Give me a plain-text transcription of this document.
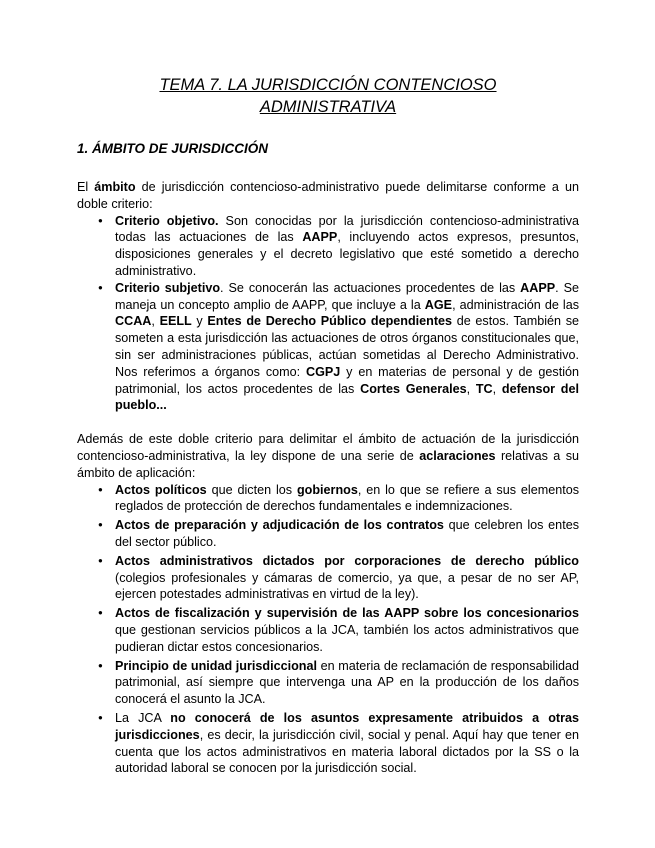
TEMA 7. LA JURISDICCIÓN CONTENCIOSO
ADMINISTRATIVA
1. ÁMBITO DE JURISDICCIÓN

El ámbito de jurisdicción contencioso-administrativo puede delimitarse conforme a un doble criterio:

● Criterio objetivo. Son conocidas por la jurisdicción contencioso-administrativa todas las actuaciones de las AAPP, incluyendo actos expresos, presuntos, disposiciones generales y el decreto legislativo que esté sometido a derecho administrativo.
● Criterio subjetivo. Se conocerán las actuaciones procedentes de las AAPP. Se maneja un concepto amplio de AAPP, que incluye a la AGE, administración de las CCAA, EELL y Entes de Derecho Público dependientes de estos. También se someten a esta jurisdicción las actuaciones de otros órganos constitucionales que, sin ser administraciones públicas, actúan sometidas al Derecho Administrativo. Nos referimos a órganos como: CGPJ y en materias de personal y de gestión patrimonial, los actos procedentes de las Cortes Generales, TC, defensor del pueblo...

Además de este doble criterio para delimitar el ámbito de actuación de la jurisdicción contencioso-administrativa, la ley dispone de una serie de aclaraciones relativas a su ámbito de aplicación:

● Actos políticos que dicten los gobiernos, en lo que se refiere a sus elementos reglados de protección de derechos fundamentales e indemnizaciones.
● Actos de preparación y adjudicación de los contratos que celebren los entes del sector público.
● Actos administrativos dictados por corporaciones de derecho público (colegios profesionales y cámaras de comercio, ya que, a pesar de no ser AP, ejercen potestades administrativas en virtud de la ley).
● Actos de fiscalización y supervisión de las AAPP sobre los concesionarios que gestionan servicios públicos a la JCA, también los actos administrativos que pudieran dictar estos concesionarios.
● Principio de unidad jurisdiccional en materia de reclamación de responsabilidad patrimonial, así siempre que intervenga una AP en la producción de los daños conocerá el asunto la JCA.
● La JCA no conocerá de los asuntos expresamente atribuidos a otras jurisdicciones, es decir, la jurisdicción civil, social y penal. Aquí hay que tener en cuenta que los actos administrativos en materia laboral dictados por la SS o la autoridad laboral se conocen por la jurisdicción social.
